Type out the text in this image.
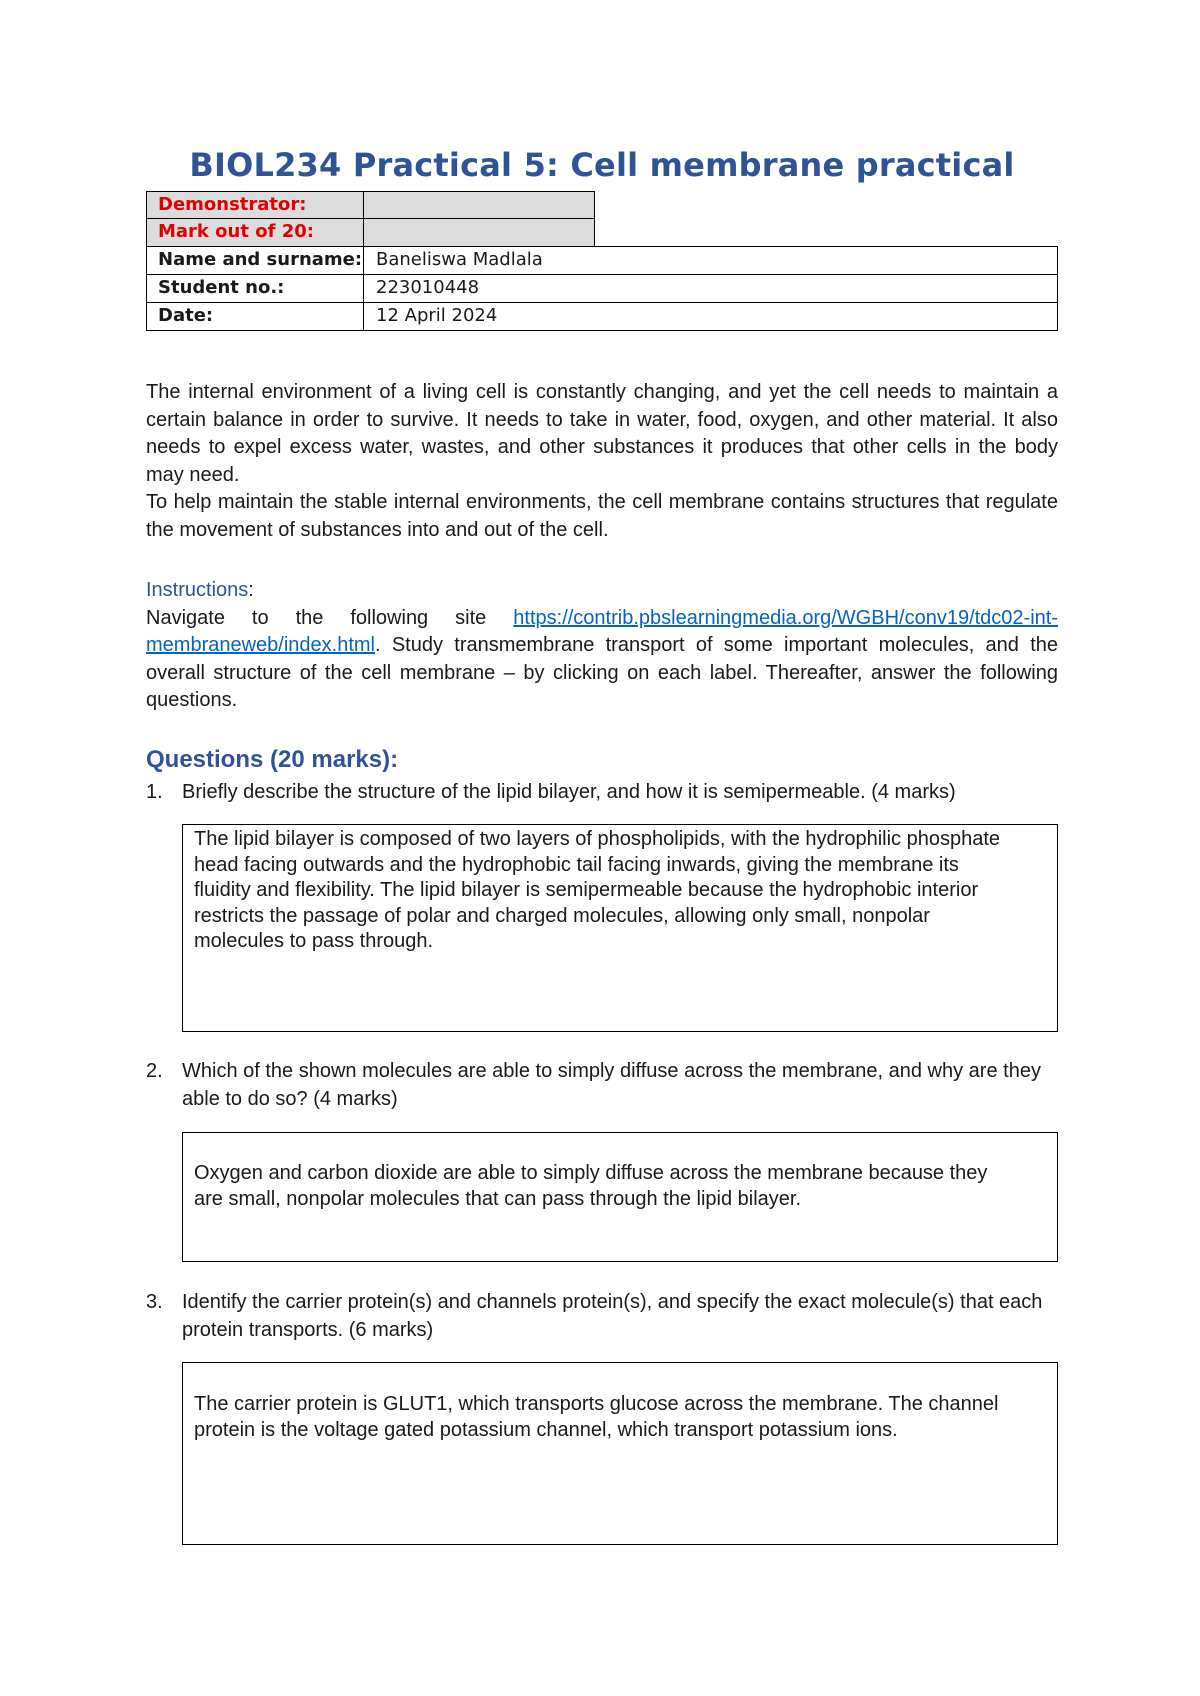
BIOL234 Practical 5: Cell membrane practical
Demonstrator:
Mark out of 20:
Name and surname: Baneliswa Madlala
Student no.:	223010448
Date:	12 April 2024

The internal environment of a living cell is constantly changing, and yet the cell needs to maintain a certain balance in order to survive. It needs to take in water, food, oxygen, and other material. It also needs to expel excess water, wastes, and other substances it produces that other cells in the body may need.

To help maintain the stable internal environments, the cell membrane contains structures that regulate the movement of substances into and out of the cell.

Instructions:

Navigate to the following site https://contrib.pbslearningmedia.org/WGBH/conv19/tdc02-int-membraneweb/index.html. Study transmembrane transport of some important molecules, and the overall structure of the cell membrane – by clicking on each label. Thereafter, answer the following questions.

Questions (20 marks):
1. Briefly describe the structure of the lipid bilayer, and how it is semipermeable. (4 marks)
The lipid bilayer is composed of two layers of phospholipids, with the hydrophilic phosphate head facing outwards and the hydrophobic tail facing inwards, giving the membrane its fluidity and flexibility. The lipid bilayer is semipermeable because the hydrophobic interior restricts the passage of polar and charged molecules, allowing only small, nonpolar molecules to pass through.
2. Which of the shown molecules are able to simply diffuse across the membrane, and why are they able to do so? (4 marks)
Oxygen and carbon dioxide are able to simply diffuse across the membrane because they are small, nonpolar molecules that can pass through the lipid bilayer.
3. Identify the carrier protein(s) and channels protein(s), and specify the exact molecule(s) that each protein transports. (6 marks)
The carrier protein is GLUT1, which transports glucose across the membrane. The channel protein is the voltage gated potassium channel, which transport potassium ions.
